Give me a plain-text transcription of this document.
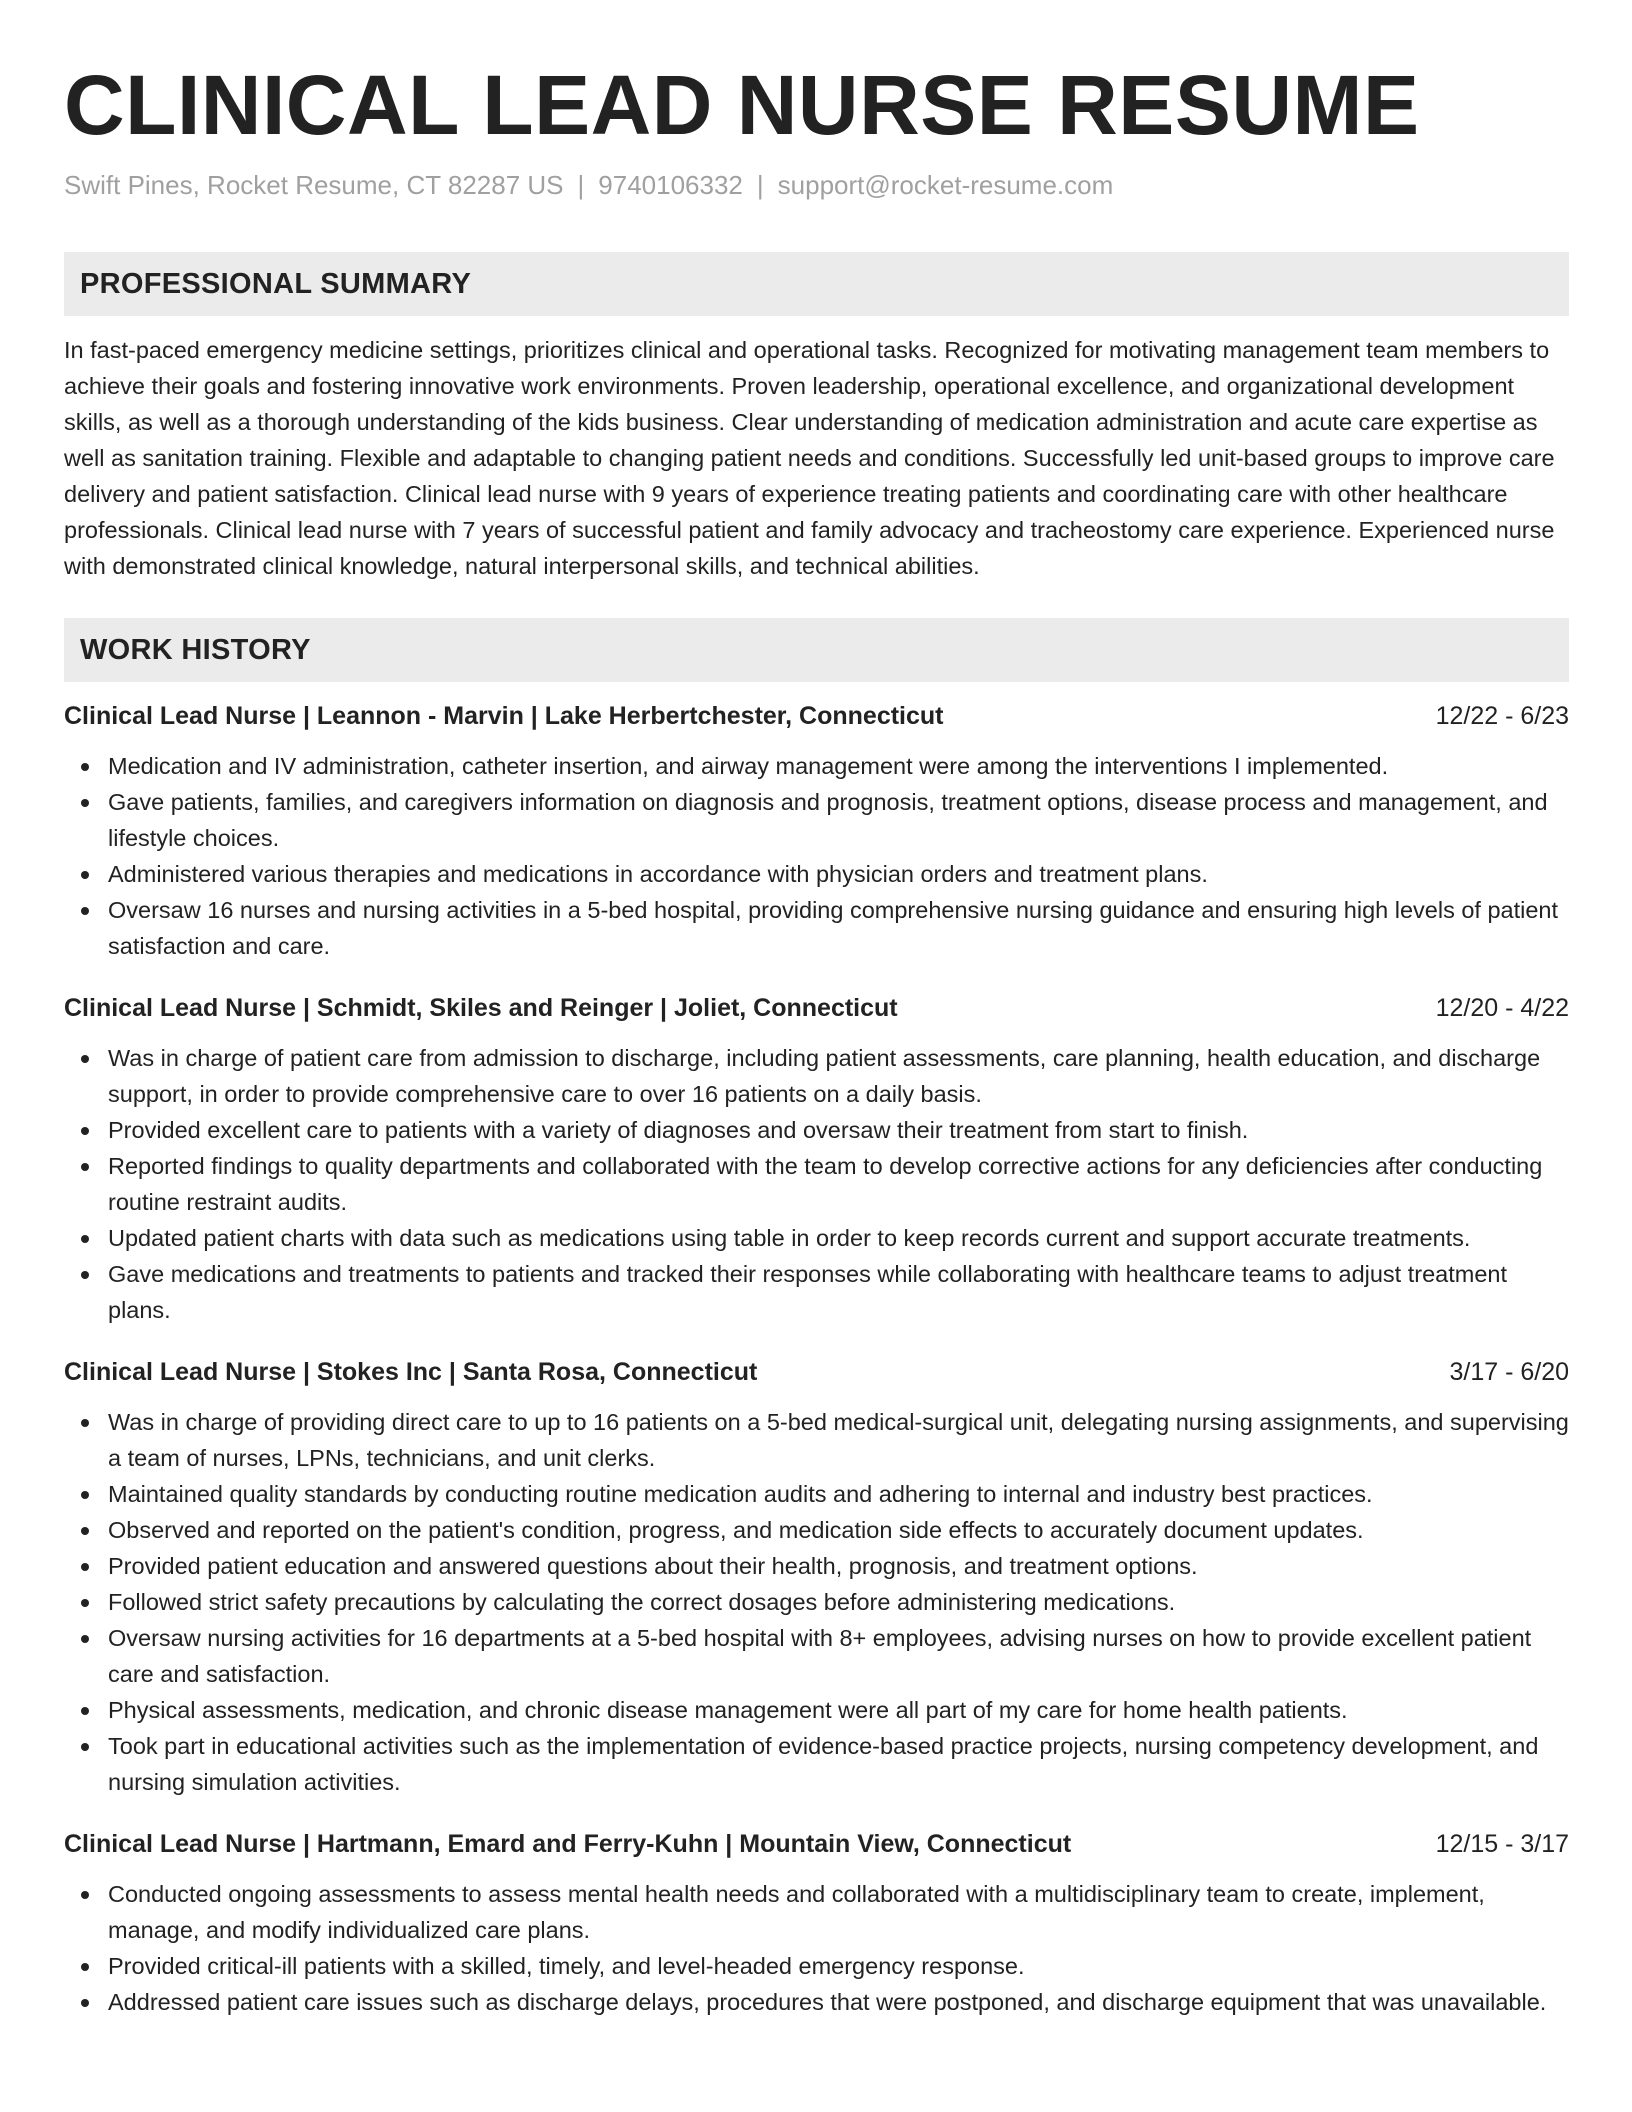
CLINICAL LEAD NURSE RESUME
Swift Pines, Rocket Resume, CT 82287 US | 9740106332 | support@rocket-resume.com
PROFESSIONAL SUMMARY

In fast-paced emergency medicine settings, prioritizes clinical and operational tasks. Recognized for motivating management team members to achieve their goals and fostering innovative work environments. Proven leadership, operational excellence, and organizational development skills, as well as a thorough understanding of the kids business. Clear understanding of medication administration and acute care expertise as well as sanitation training. Flexible and adaptable to changing patient needs and conditions. Successfully led unit-based groups to improve care delivery and patient satisfaction. Clinical lead nurse with 9 years of experience treating patients and coordinating care with other healthcare professionals. Clinical lead nurse with 7 years of successful patient and family advocacy and tracheostomy care experience. Experienced nurse with demonstrated clinical knowledge, natural interpersonal skills, and technical abilities.

WORK HISTORY
Clinical Lead Nurse | Leannon - Marvin | Lake Herbertchester, Connecticut	12/22 - 6/23
Medication and IV administration, catheter insertion, and airway management were among the interventions I implemented.
Gave patients, families, and caregivers information on diagnosis and prognosis, treatment options, disease process and management, and lifestyle choices.
Administered various therapies and medications in accordance with physician orders and treatment plans.
Oversaw 16 nurses and nursing activities in a 5-bed hospital, providing comprehensive nursing guidance and ensuring high levels of patient satisfaction and care.
Clinical Lead Nurse | Schmidt, Skiles and Reinger | Joliet, Connecticut	12/20 - 4/22
Was in charge of patient care from admission to discharge, including patient assessments, care planning, health education, and discharge support, in order to provide comprehensive care to over 16 patients on a daily basis.
Provided excellent care to patients with a variety of diagnoses and oversaw their treatment from start to finish.
Reported findings to quality departments and collaborated with the team to develop corrective actions for any deficiencies after conducting routine restraint audits.
Updated patient charts with data such as medications using table in order to keep records current and support accurate treatments.
Gave medications and treatments to patients and tracked their responses while collaborating with healthcare teams to adjust treatment plans.
Clinical Lead Nurse | Stokes Inc | Santa Rosa, Connecticut	3/17 - 6/20
Was in charge of providing direct care to up to 16 patients on a 5-bed medical-surgical unit, delegating nursing assignments, and supervising a team of nurses, LPNs, technicians, and unit clerks.
Maintained quality standards by conducting routine medication audits and adhering to internal and industry best practices.
Observed and reported on the patient's condition, progress, and medication side effects to accurately document updates.
Provided patient education and answered questions about their health, prognosis, and treatment options.
Followed strict safety precautions by calculating the correct dosages before administering medications.
Oversaw nursing activities for 16 departments at a 5-bed hospital with 8+ employees, advising nurses on how to provide excellent patient care and satisfaction.
Physical assessments, medication, and chronic disease management were all part of my care for home health patients.
Took part in educational activities such as the implementation of evidence-based practice projects, nursing competency development, and nursing simulation activities.
Clinical Lead Nurse | Hartmann, Emard and Ferry-Kuhn | Mountain View, Connecticut	12/15 - 3/17
Conducted ongoing assessments to assess mental health needs and collaborated with a multidisciplinary team to create, implement, manage, and modify individualized care plans.
Provided critical-ill patients with a skilled, timely, and level-headed emergency response.
Addressed patient care issues such as discharge delays, procedures that were postponed, and discharge equipment that was unavailable.
